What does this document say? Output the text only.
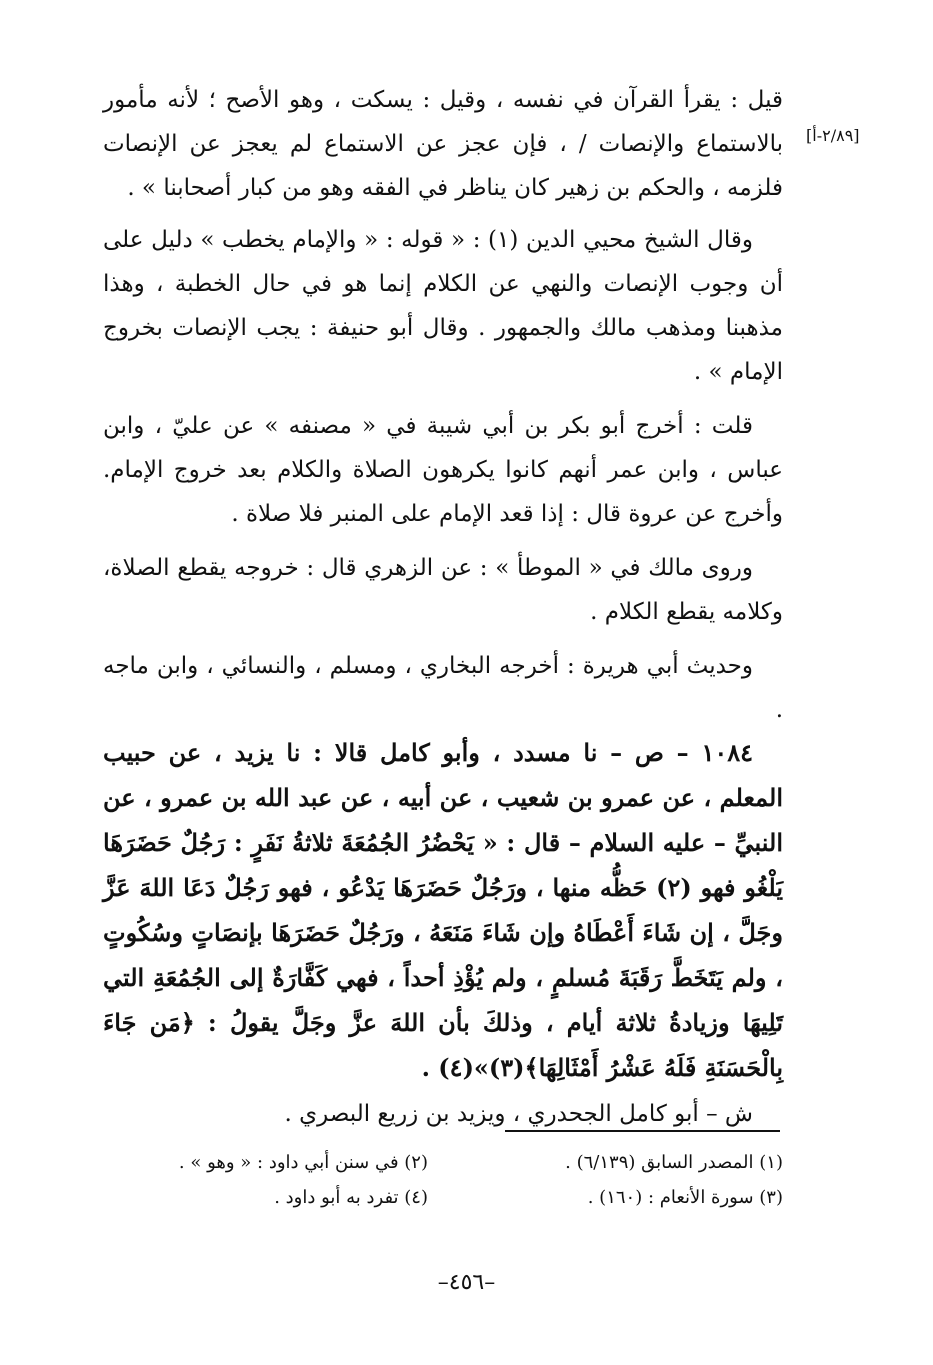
[٢/٨٩-أ]

قيل : يقرأ القرآن في نفسه ، وقيل : يسكت ، وهو الأصح ؛ لأنه مأمور بالاستماع والإنصات / ، فإن عجز عن الاستماع لم يعجز عن الإنصات فلزمه ، والحكم بن زهير كان يناظر في الفقه وهو من كبار أصحابنا » .

وقال الشيخ محيي الدين (١) : « قوله : « والإمام يخطب » دليل على أن وجوب الإنصات والنهي عن الكلام إنما هو في حال الخطبة ، وهذا مذهبنا ومذهب مالك والجمهور . وقال أبو حنيفة : يجب الإنصات بخروج الإمام » .

قلت : أخرج أبو بكر بن أبي شيبة في « مصنفه » عن عليّ ، وابن عباس ، وابن عمر أنهم كانوا يكرهون الصلاة والكلام بعد خروج الإمام. وأخرج عن عروة قال : إذا قعد الإمام على المنبر فلا صلاة .

وروى مالك في « الموطأ » : عن الزهري قال : خروجه يقطع الصلاة، وكلامه يقطع الكلام .

وحديث أبي هريرة : أخرجه البخاري ، ومسلم ، والنسائي ، وابن ماجه .

١٠٨٤ – ص – نا مسدد ، وأبو كامل قالا : نا يزيد ، عن حبيب المعلم ، عن عمرو بن شعيب ، عن أبيه ، عن عبد الله بن عمرو ، عن النبيِّ – عليه السلام – قال : « يَحْضُرُ الجُمُعَةَ ثلاثةُ نَفَرٍ : رَجُلٌ حَضَرَهَا يَلْغُو فهو (٢) حَظُّه منها ، ورَجُلٌ حَضَرَهَا يَدْعُو ، فهو رَجُلٌ دَعَا اللهَ عَزَّ وجَلَّ ، إن شَاءَ أَعْطَاهُ وإن شَاءَ مَنَعَهُ ، ورَجُلٌ حَضَرَهَا بإنصَاتٍ وسُكُوتٍ ، ولم يَتَخَطَّ رَقَبَةَ مُسلمٍ ، ولم يُؤْذِ أحداً ، فهي كَفَّارَةٌ إلى الجُمُعَةِ التي تَلِيهَا وزيادةُ ثلاثة أيام ، وذلكَ بأن اللهَ عزَّ وجَلَّ يقولُ : ﴿مَن جَاءَ بِالْحَسَنَةِ فَلَهُ عَشْرُ أَمْثَالِهَا﴾(٣)»(٤) .

ش – أبو كامل الجحدري ، ويزيد بن زريع البصري .

(١) المصدر السابق (٦/١٣٩) .
(٢) في سنن أبي داود : « وهو » .
(٣) سورة الأنعام : (١٦٠) .
(٤) تفرد به أبو داود .
–٤٥٦–
